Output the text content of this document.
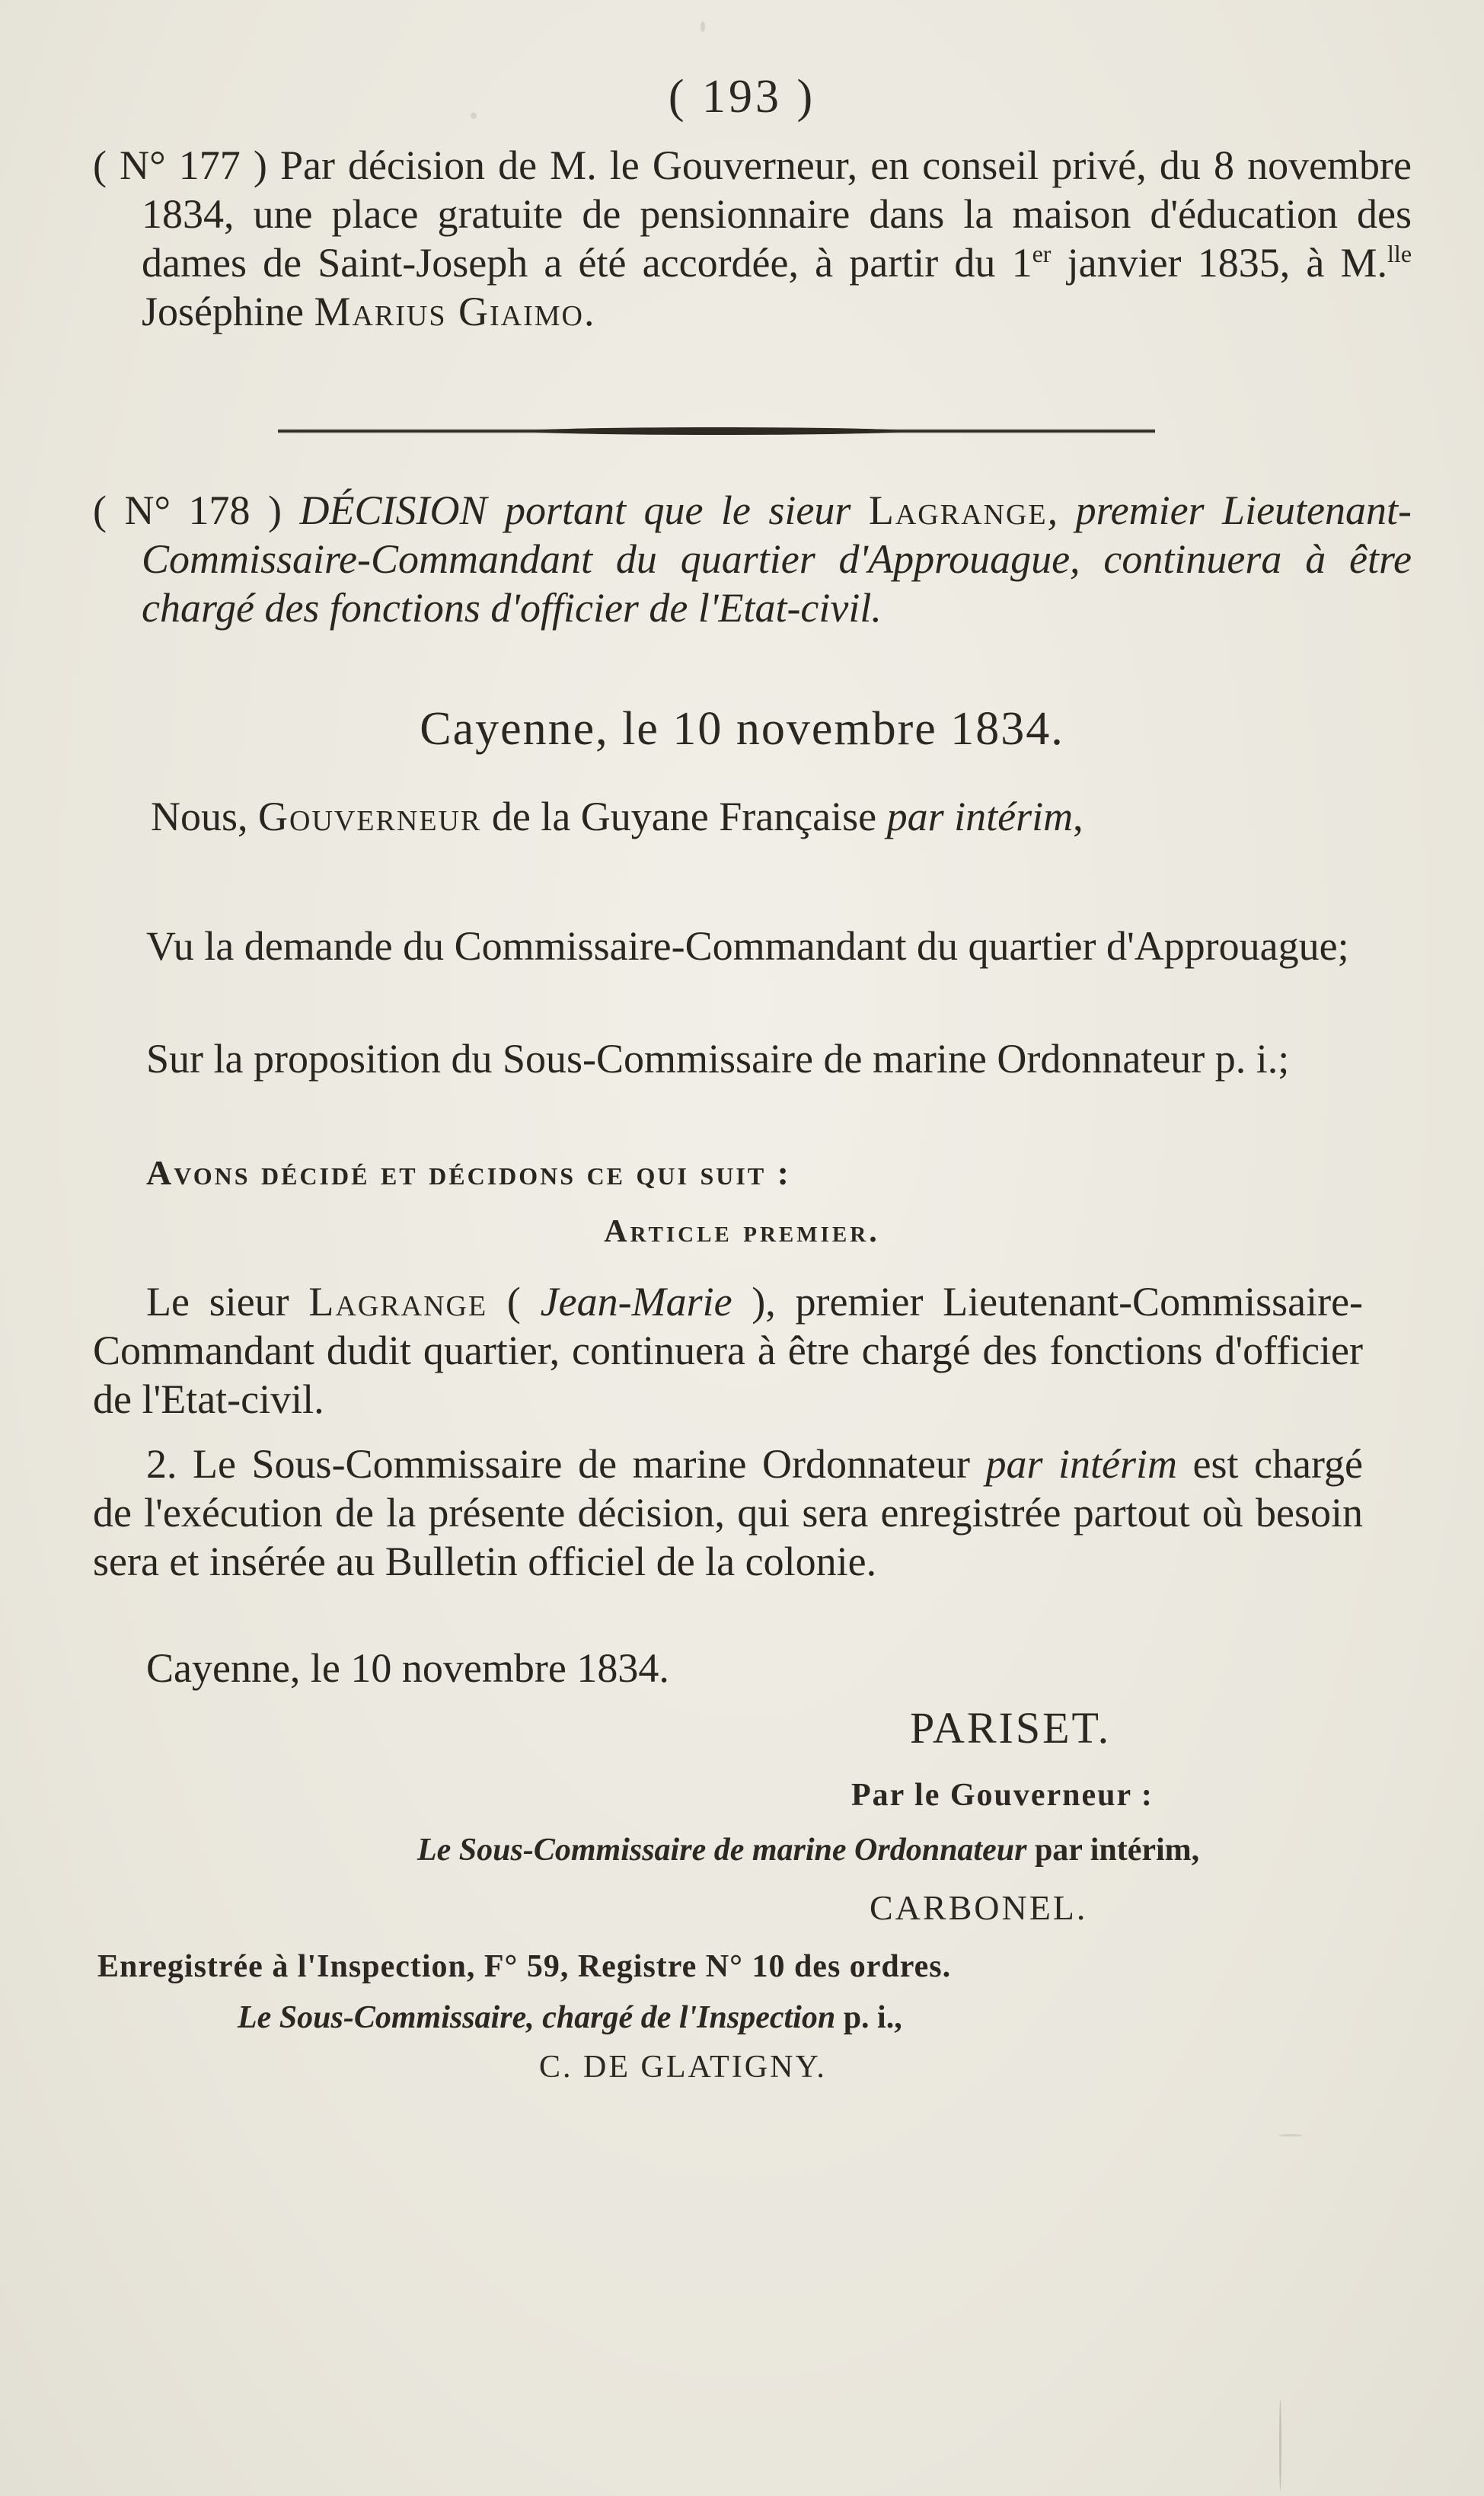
( 193 )
( N° 177 ) Par décision de M. le Gouverneur, en conseil privé, du 8 novembre 1834, une place gratuite de pensionnaire dans la maison d'éducation des dames de Saint-Joseph a été accordée, à partir du 1er janvier 1835, à M.$^{lle}$ Joséphine Marius Giaimo.
( N° 178 ) DÉCISION portant que le sieur Lagrange, premier Lieutenant-Commissaire-Commandant du quartier d'Approuague, continuera à être chargé des fonctions d'officier de l'Etat-civil.
Cayenne, le 10 novembre 1834.
Nous, Gouverneur de la Guyane Française par intérim,
Vu la demande du Commissaire-Commandant du quartier d'Approuague;
Sur la proposition du Sous-Commissaire de marine Ordonnateur p. i.;
Avons décidé et décidons ce qui suit :
Article premier.
Le sieur Lagrange ( Jean-Marie ), premier Lieutenant-Commissaire-Commandant dudit quartier, continuera à être chargé des fonctions d'officier de l'Etat-civil.
2. Le Sous-Commissaire de marine Ordonnateur par intérim est chargé de l'exécution de la présente décision, qui sera enregistrée partout où besoin sera et insérée au Bulletin officiel de la colonie.
Cayenne, le 10 novembre 1834.
PARISET.
Par le Gouverneur :
Le Sous-Commissaire de marine Ordonnateur par intérim,
CARBONEL.
Enregistrée à l'Inspection, F° 59, Registre N° 10 des ordres.
Le Sous-Commissaire, chargé de l'Inspection p. i.,
C. DE GLATIGNY.
